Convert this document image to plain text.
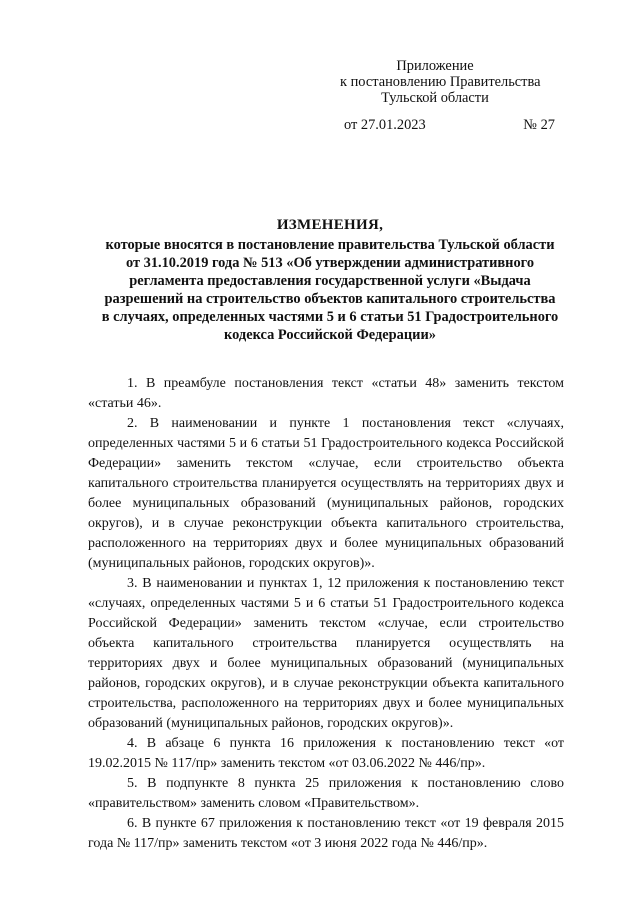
Приложение
к постановлению Правительства
Тульской области
от 27.01.2023	№ 27
ИЗМЕНЕНИЯ,
которые вносятся в постановление правительства Тульской области
от 31.10.2019 года № 513 «Об утверждении административного
регламента предоставления государственной услуги «Выдача
разрешений на строительство объектов капитального строительства
в случаях, определенных частями 5 и 6 статьи 51 Градостроительного
кодекса Российской Федерации»

1. В преамбуле постановления текст «статьи 48» заменить текстом «статьи 46».

2. В наименовании и пункте 1 постановления текст «случаях, определенных частями 5 и 6 статьи 51 Градостроительного кодекса Российской Федерации» заменить текстом «случае, если строительство объекта капитального строительства планируется осуществлять на территориях двух и более муниципальных образований (муниципальных районов, городских округов), и в случае реконструкции объекта капитального строительства, расположенного на территориях двух и более муниципальных образований (муниципальных районов, городских округов)».

3. В наименовании и пунктах 1, 12 приложения к постановлению текст «случаях, определенных частями 5 и 6 статьи 51 Градостроительного кодекса Российской Федерации» заменить текстом «случае, если строительство объекта капитального строительства планируется осуществлять на территориях двух и более муниципальных образований (муниципальных районов, городских округов), и в случае реконструкции объекта капитального строительства, расположенного на территориях двух и более муниципальных образований (муниципальных районов, городских округов)».

4. В абзаце 6 пункта 16 приложения к постановлению текст «от 19.02.2015 № 117/пр» заменить текстом «от 03.06.2022 № 446/пр».

5. В подпункте 8 пункта 25 приложения к постановлению слово «правительством» заменить словом «Правительством».

6. В пункте 67 приложения к постановлению текст «от 19 февраля 2015 года № 117/пр» заменить текстом «от 3 июня 2022 года № 446/пр».
